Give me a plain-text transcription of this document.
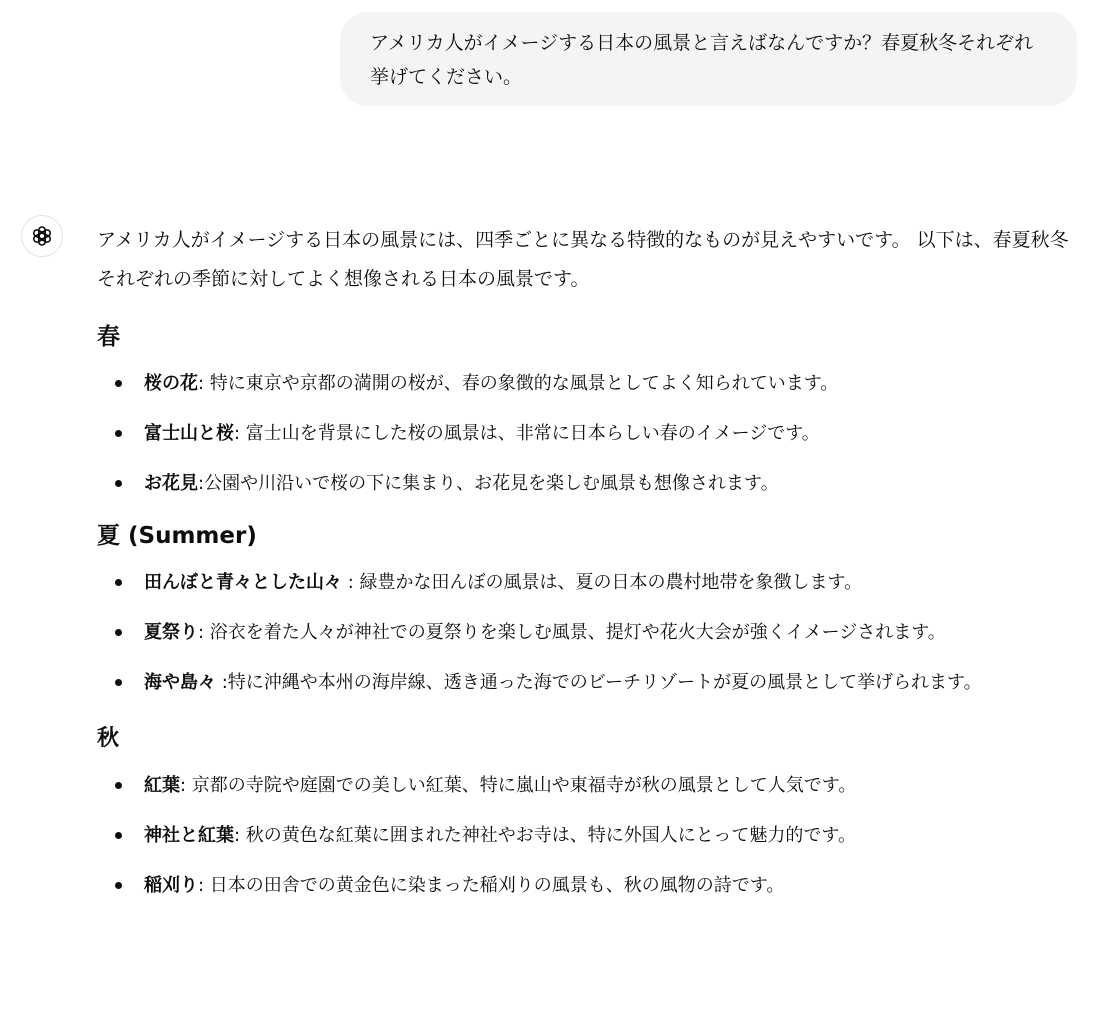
アメリカ人がイメージする日本の風景と言えばなんですか？春夏秋冬それぞれ挙げてください。

アメリカ人がイメージする日本の風景には、四季ごとに異なる特徴的なものが見えやすいです。 以下は、春夏秋冬それぞれの季節に対してよく想像される日本の風景です。

春
桜の花: 特に東京や京都の満開の桜が、春の象徴的な風景としてよく知られています。
富士山と桜: 富士山を背景にした桜の風景は、非常に日本らしい春のイメージです。
お花見:公園や川沿いで桜の下に集まり、お花見を楽しむ風景も想像されます。
夏 (Summer)
田んぼと青々とした山々 : 緑豊かな田んぼの風景は、夏の日本の農村地帯を象徴します。
夏祭り: 浴衣を着た人々が神社での夏祭りを楽しむ風景、提灯や花火大会が強くイメージされます。
海や島々 :特に沖縄や本州の海岸線、透き通った海でのビーチリゾートが夏の風景として挙げられます。
秋
紅葉: 京都の寺院や庭園での美しい紅葉、特に嵐山や東福寺が秋の風景として人気です。
神社と紅葉: 秋の黄色な紅葉に囲まれた神社やお寺は、特に外国人にとって魅力的です。
稲刈り: 日本の田舎での黄金色に染まった稲刈りの風景も、秋の風物の詩です。
